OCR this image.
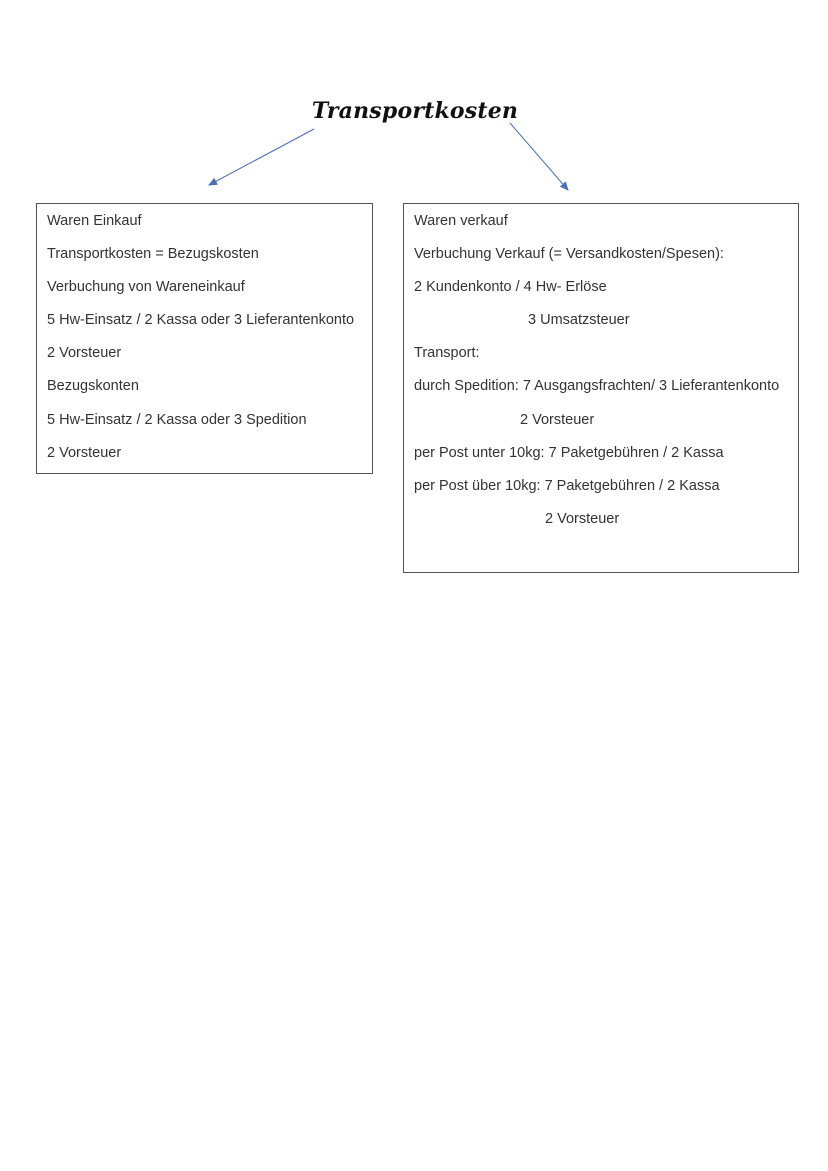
Transportkosten
Waren Einkauf
Transportkosten = Bezugskosten
Verbuchung von Wareneinkauf
5 Hw-Einsatz / 2 Kassa oder 3 Lieferantenkonto
2 Vorsteuer
Bezugskonten
5 Hw-Einsatz / 2 Kassa oder 3 Spedition
2 Vorsteuer
Waren verkauf
Verbuchung Verkauf (= Versandkosten/Spesen):
2 Kundenkonto / 4 Hw- Erlöse
3 Umsatzsteuer
Transport:
durch Spedition: 7 Ausgangsfrachten/ 3 Lieferantenkonto
2 Vorsteuer
per Post unter 10kg: 7 Paketgebühren / 2 Kassa
per Post über 10kg: 7 Paketgebühren / 2 Kassa
2 Vorsteuer
